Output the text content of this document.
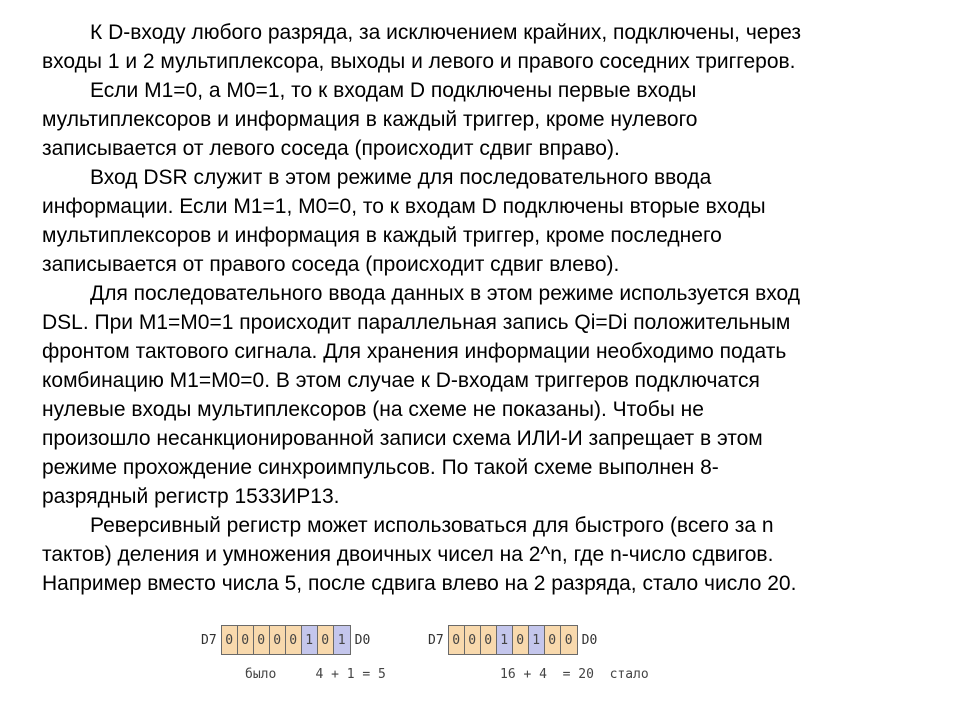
К D-входу любого разряда, за исключением крайних, подключены, через
входы 1 и 2 мультиплексора, выходы и левого и правого соседних триггеров.
Если М1=0, а М0=1, то к входам D подключены первые входы
мультиплексоров и информация в каждый триггер, кроме нулевого
записывается от левого соседа (происходит сдвиг вправо).
Вход DSR служит в этом режиме для последовательного ввода
информации. Если М1=1, М0=0, то к входам D подключены вторые входы
мультиплексоров и информация в каждый триггер, кроме последнего
записывается от правого соседа (происходит сдвиг влево).
Для последовательного ввода данных в этом режиме используется вход
DSL. При М1=М0=1 происходит параллельная запись Qi=Di положительным
фронтом тактового сигнала. Для хранения информации необходимо подать
комбинацию М1=М0=0. В этом случае к D-входам триггеров подключатся
нулевые входы мультиплексоров (на схеме не показаны). Чтобы не
произошло несанкционированной записи схема ИЛИ-И запрещает в этом
режиме прохождение синхроимпульсов. По такой схеме выполнен 8-
разрядный регистр 1533ИР13.
Реверсивный регистр может использоваться для быстрого (всего за n
тактов) деления и умножения двоичных чисел на 2^n, где n-число сдвигов.
Например вместо числа 5, после сдвига влево на 2 разряда, стало число 20.
D7 0 0 0 0 0 1 0 1 D0
было     4 + 1 = 5
D7 0 0 0 1 0 1 0 0 D0
16 + 4  = 20  стало
